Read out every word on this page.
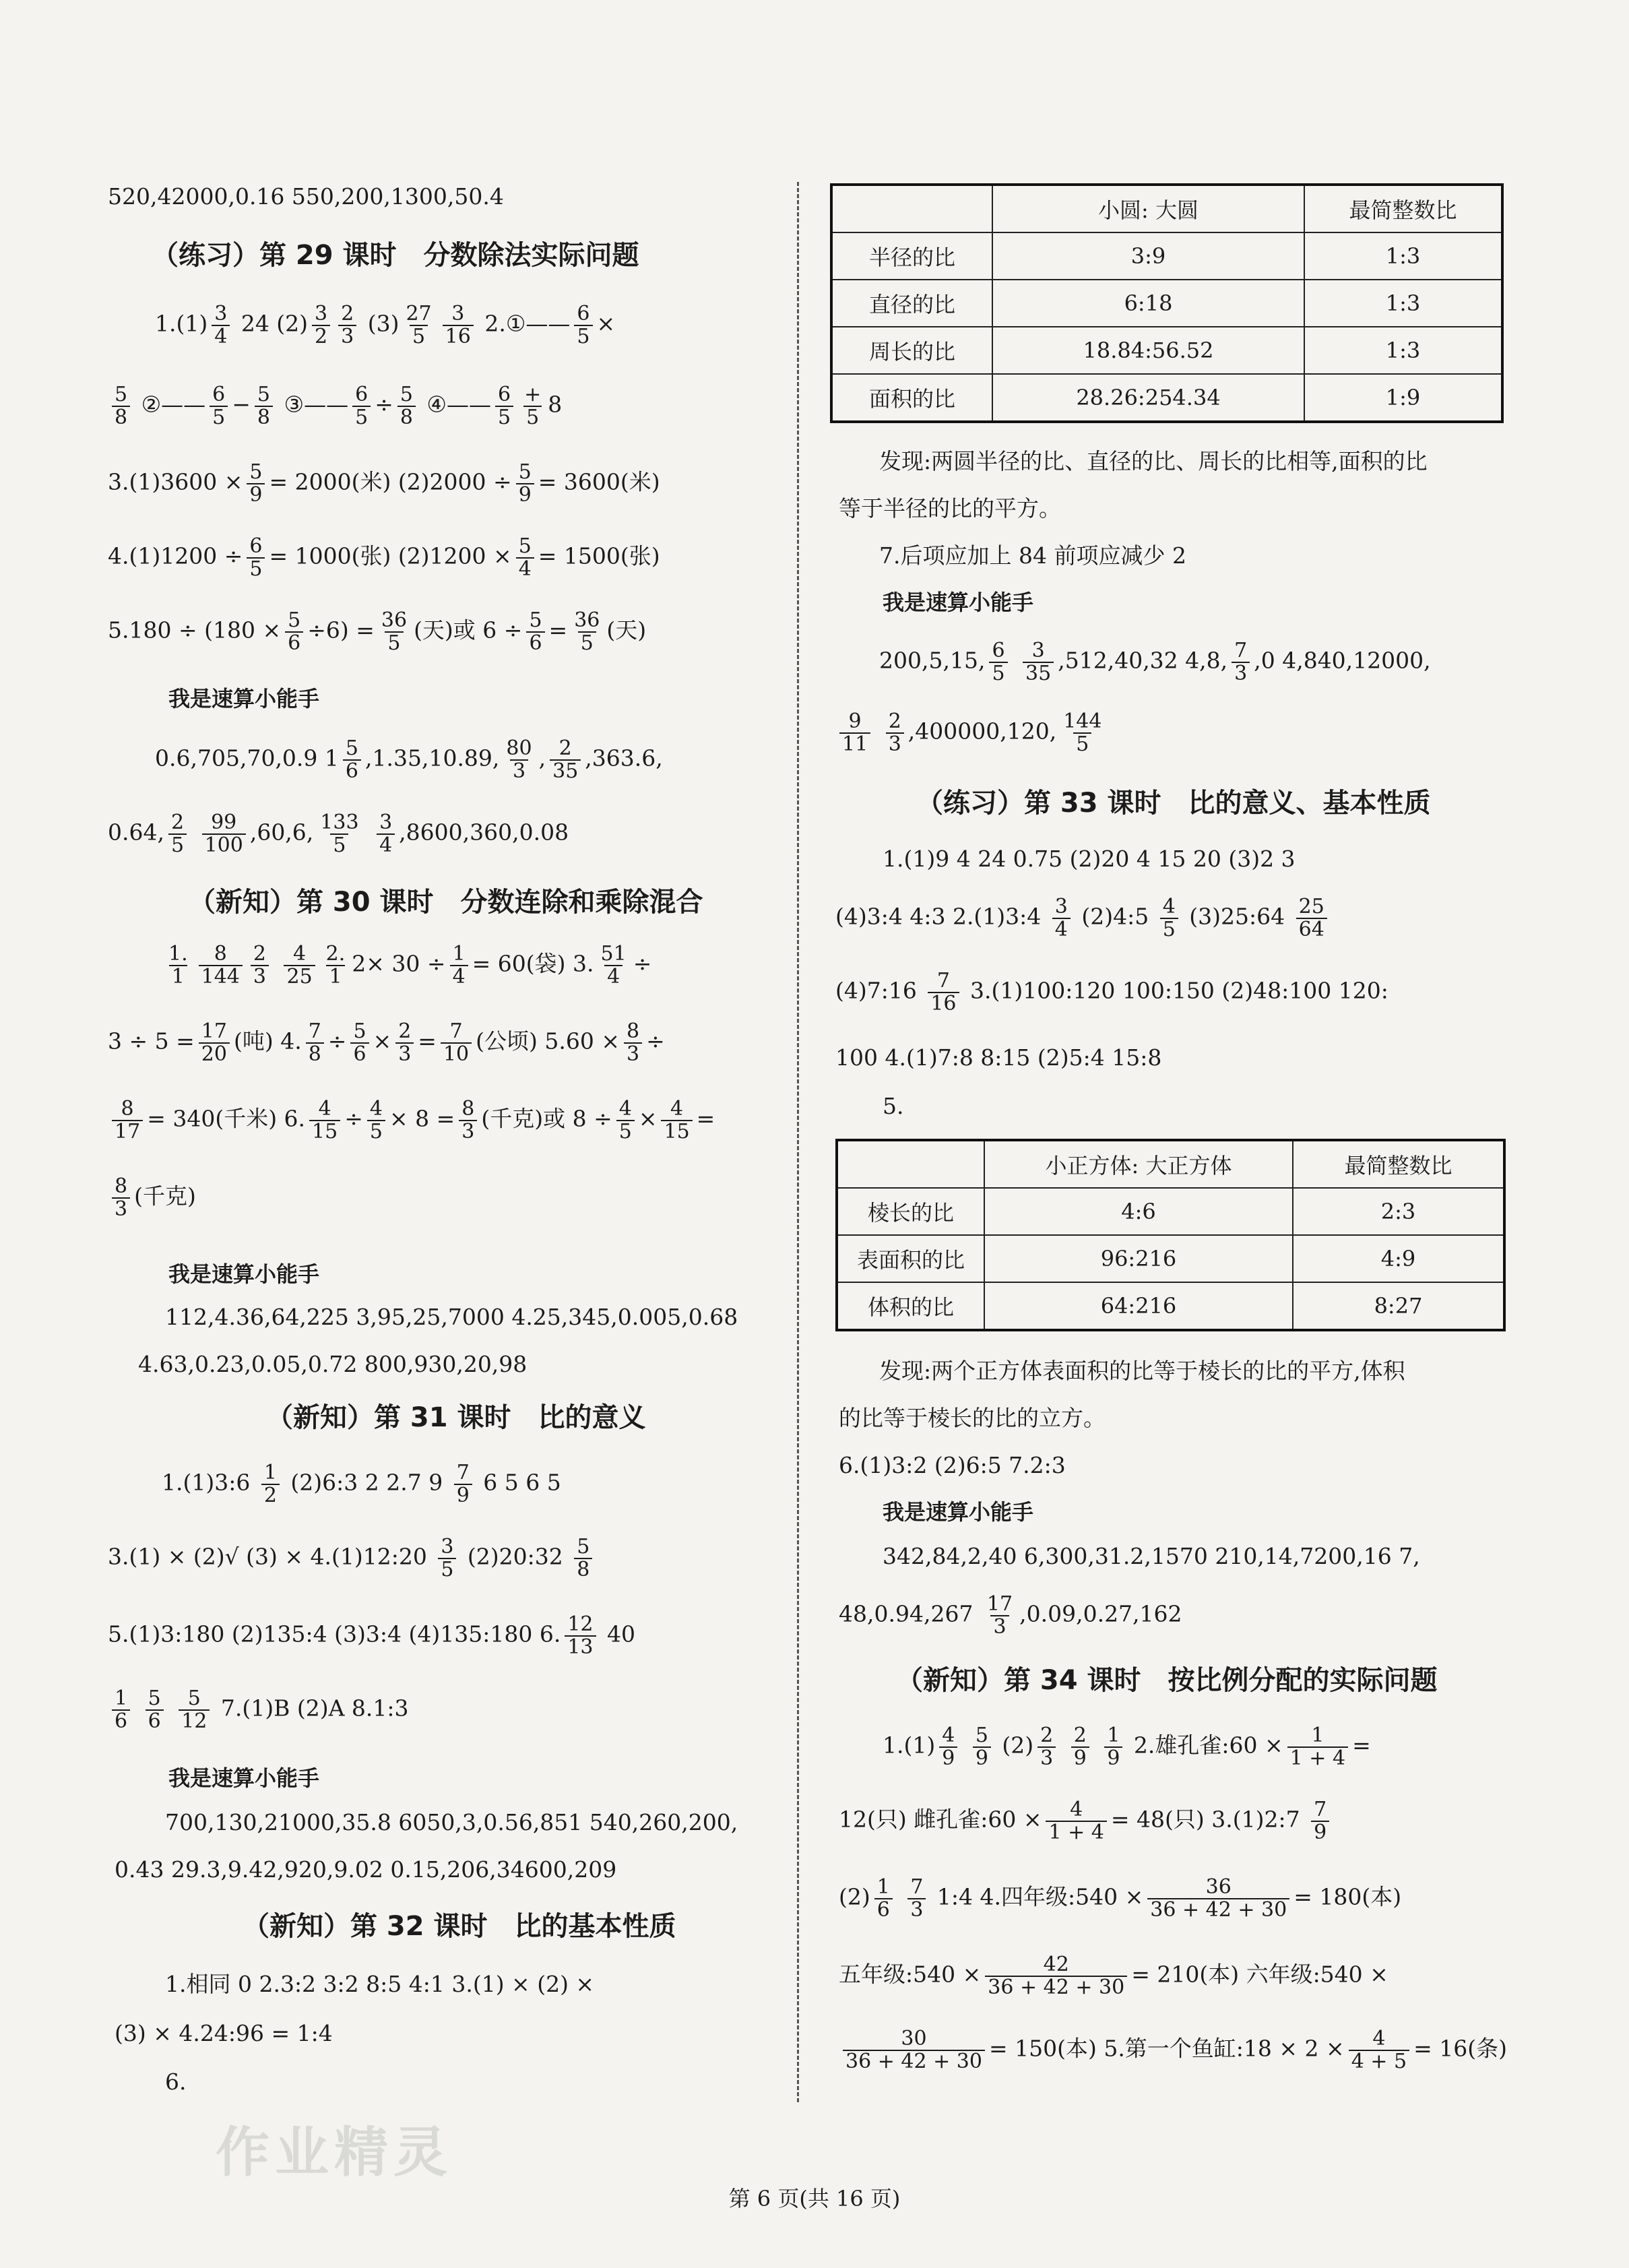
520,42000,0.16 550,200,1300,50.4
（练习）第 29 课时　分数除法实际问题
$1.(1) \frac{3}{4} 24$ $(2) \frac{3}{2} \frac{2}{3} (3) \frac{27}{5} \frac{3}{16}$ 2.①—— $\frac{6}{5}$ ×
$\frac{5}{8}$ ②—— $\frac{6}{5} - \frac{5}{8}$ ③—— $\frac{6}{5} \div \frac{5}{8}$ ④—— $\frac{6}{5} \frac{+}{5} 8$
$3.(1)3600 \times \frac{5}{9} = 2000$(米) $(2)2000 \div \frac{5}{9} = 3600$(米)
$4.(1)1200 \div \frac{6}{5} = 1000$(张) $(2)1200 \times \frac{5}{4} = 1500$(张)
$5.180 \div (180 \times \frac{5}{6} \div 6) = \frac{36}{5}$ (天)或 $6 \div \frac{5}{6} = \frac{36}{5}$ (天)
我是速算小能手
0.6,705,70,0.9 $1 \frac{5}{6} ,1.35,10.89$, $\frac{80}{3}$ , $\frac{2}{35} ,363.6$,
0.64, $\frac{2}{5}$
$\frac{99}{100} ,60,6$, $\frac{133}{5}$
$\frac{3}{4} ,8600,360,0.08$
（新知）第 30 课时　分数连除和乘除混合
$\frac{1.}{1} \frac{8}{144} \frac{2}{3}$
$\frac{4}{25} \frac{2.}{1} 2\times 30 \div \frac{1}{4} = 60$(袋) 3. $\frac{51}{4}$ ÷
$3 \div 5 = \frac{17}{20}$ (吨) 4. $\frac{7}{8} \div \frac{5}{6} \times \frac{2}{3} = \frac{7}{10}$ (公顷) $5.60 \times \frac{8}{3}$ ÷
$\frac{8}{17} = 340$(千米) 6. $\frac{4}{15} \div \frac{4}{5} \times 8 = \frac{8}{3}$ (千克)或 $8 \div \frac{4}{5} \times \frac{4}{15}$ =
$\frac{8}{3}$ (千克)
我是速算小能手
112,4.36,64,225 3,95,25,7000 4.25,345,0.005,0.68
4.63,0.23,0.05,0.72 800,930,20,98
（新知）第 31 课时　比的意义
1.(1)3:6 $\frac{1}{2}$ (2)6:3 2 2.7 $9 \frac{7}{9} 6$ 5 6 5
3.(1) × (2)√ (3) × 4.(1)12:20 $\frac{3}{5}$ (2)20:32 $\frac{5}{8}$
5.(1)3:180 (2)135:4 (3)3:4 (4)135:180 6. $\frac{12}{13} 40$
$\frac{1}{6}$
$\frac{5}{6}$
$\frac{5}{12} 7.(1)B$ (2)A 8.1:3
我是速算小能手
700,130,21000,35.8 6050,3,0.56,851 540,260,200,
0.43 29.3,9.42,920,9.02 0.15,206,34600,209
（新知）第 32 课时　比的基本性质
1.相同 0 2.3:2 3:2 8:5 4:1 3.(1) × (2) ×
(3) × 4.24:96 = 1:4
6.
	小圆: 大圆	最简整数比
半径的比	3:9	1:3
直径的比	6:18	1:3
周长的比	18.84:56.52	1:3
面积的比	28.26:254.34	1:9
发现:两圆半径的比、直径的比、周长的比相等,面积的比
等于半径的比的平方。
7.后项应加上 84 前项应减少 2
我是速算小能手
200,5,15, $\frac{6}{5}$
$\frac{3}{35} ,512,40,32$ 4,8, $\frac{7}{3} ,0$ 4,840,12000,
$\frac{9}{11}$
$\frac{2}{3} ,400000,120$, $\frac{144}{5}$
（练习）第 33 课时　比的意义、基本性质
1.(1)9 4 24 0.75 (2)20 4 15 20 (3)2 3
(4)3:4 4:3 2.(1)3:4 $\frac{3}{4}$ (2)4:5 $\frac{4}{5}$ (3)25:64 $\frac{25}{64}$
(4)7:16 $\frac{7}{16}$ 3.(1)100:120 100:150 (2)48:100 120:
100 4.(1)7:8 8:15 (2)5:4 15:8
5.
	小正方体: 大正方体	最简整数比
棱长的比	4:6	2:3
表面积的比	96:216	4:9
体积的比	64:216	8:27
发现:两个正方体表面积的比等于棱长的比的平方,体积
的比等于棱长的比的立方。
6.(1)3:2 (2)6:5 7.2:3
我是速算小能手
342,84,2,40 6,300,31.2,1570 210,14,7200,16 7,
$48,0.94,267 \frac{17}{3} ,0.09,0.27,162$
（新知）第 34 课时　按比例分配的实际问题
$1.(1) \frac{4}{9}$
$\frac{5}{9} (2) \frac{2}{3}$
$\frac{2}{9}$
$\frac{1}{9} 2$.雄孔雀:60 × $\frac{1}{1 + 4}$ =
12(只) 雌孔雀:60 × $\frac{4}{1 + 4} = 48$(只) 3.(1)2:7 $\frac{7}{9}$
$(2) \frac{1}{6}$
$\frac{7}{3}$ 1:4 4.四年级:540 × $\frac{36}{36 + 42 + 30} = 180$(本)
五年级:540 × $\frac{42}{36 + 42 + 30} = 210$(本) 六年级:540 ×
$\frac{30}{36 + 42 + 30} = 150$(本) 5.第一个鱼缸:18 × $2 \times \frac{4}{4 + 5} = 16$(条)
作业精灵
第 6 页(共 16 页)
